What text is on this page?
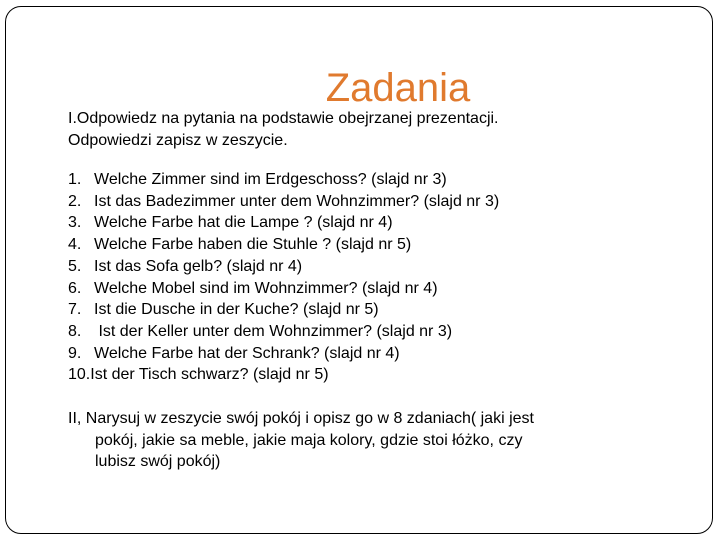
Zadania
I.Odpowiedz na pytania na podstawie obejrzanej prezentacji.
Odpowiedzi zapisz w zeszycie.
1. Welche Zimmer sind im Erdgeschoss? (slajd nr 3)
2. Ist das Badezimmer unter dem Wohnzimmer? (slajd nr 3)
3. Welche Farbe hat die Lampe ? (slajd nr 4)
4. Welche Farbe haben die Stuhle ? (slajd nr 5)
5. Ist das Sofa gelb? (slajd nr 4)
6. Welche Mobel sind im Wohnzimmer? (slajd nr 4)
7. Ist die Dusche in der Kuche? (slajd nr 5)
8. Ist der Keller unter dem Wohnzimmer? (slajd nr 3)
9. Welche Farbe hat der Schrank? (slajd nr 4)
10.Ist der Tisch schwarz? (slajd nr 5)
II, Narysuj w zeszycie swój pokój i opisz go w 8 zdaniach( jaki jest
pokój, jakie sa meble, jakie maja kolory, gdzie stoi łóżko, czy
lubisz swój pokój)
